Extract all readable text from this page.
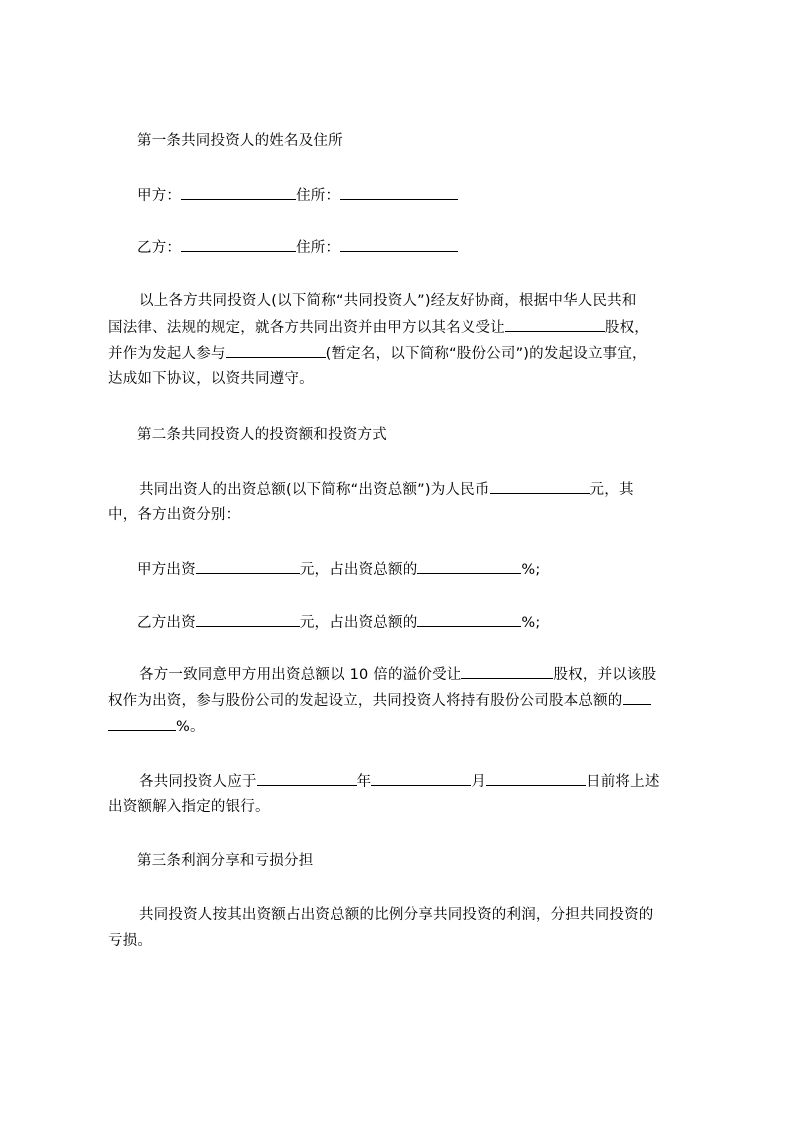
第一条共同投资人的姓名及住所
甲方：	住所：
乙方：	住所：
以上各方共同投资人(以下简称“共同投资人”)经友好协商，根据中华人民共和
国法律、法规的规定，就各方共同出资并由甲方以其名义受让	股权，
并作为发起人参与	(暂定名，以下简称“股份公司”)的发起设立事宜，
达成如下协议，以资共同遵守。
第二条共同投资人的投资额和投资方式
共同出资人的出资总额(以下简称“出资总额”)为人民币	元，其
中，各方出资分别：
甲方出资	元，占出资总额的	%;
乙方出资	元，占出资总额的	%;
各方一致同意甲方用出资总额以 10 倍的溢价受让	股权，并以该股
权作为出资，参与股份公司的发起设立，共同投资人将持有股份公司股本总额的
%。
各共同投资人应于	年	月	日前将上述
出资额解入指定的银行。
第三条利润分享和亏损分担
共同投资人按其出资额占出资总额的比例分享共同投资的利润，分担共同投资的
亏损。
